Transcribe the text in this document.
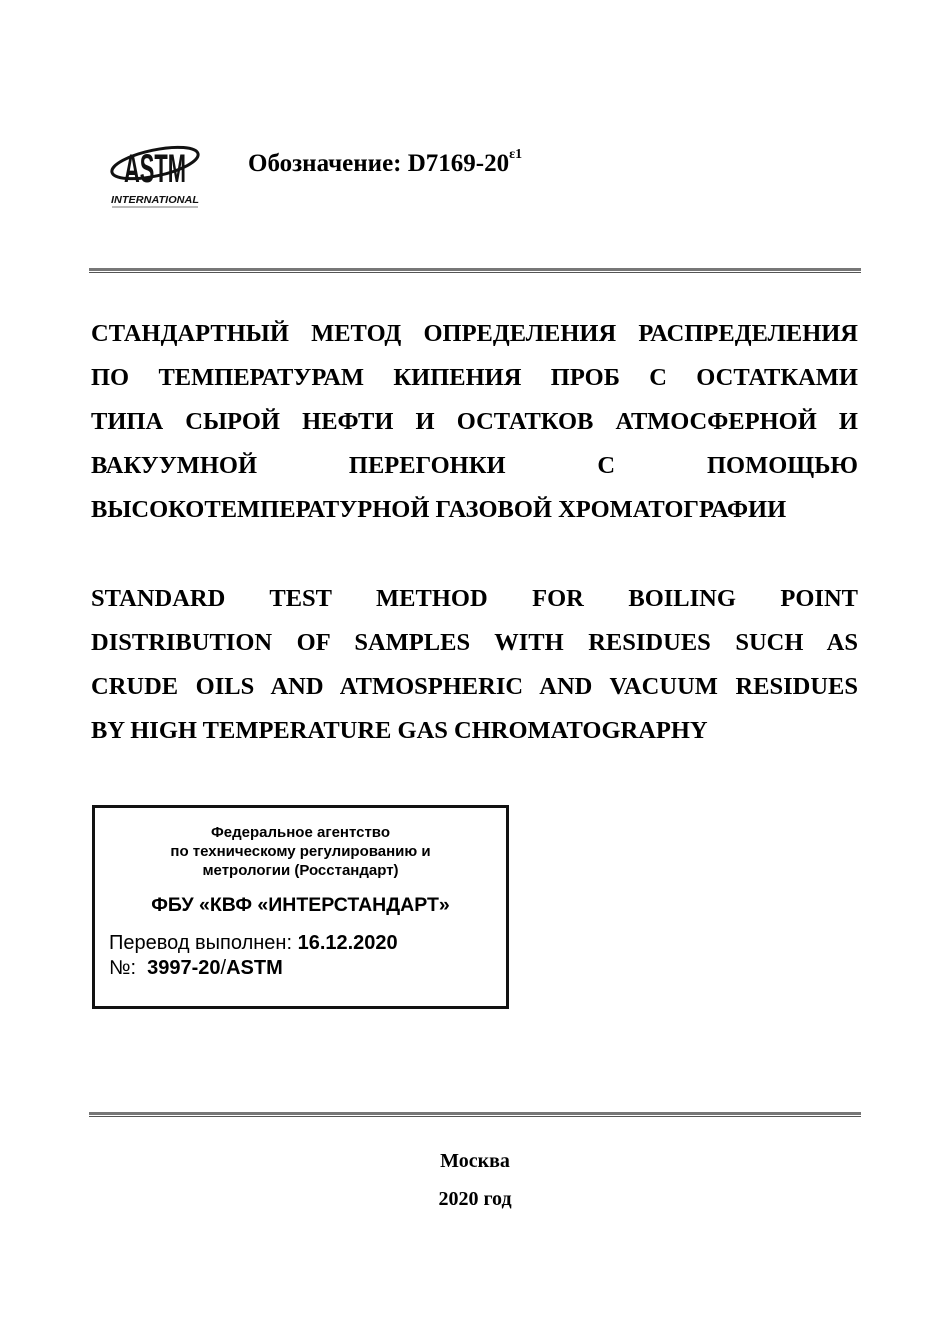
ASTM
INTERNATIONAL
Обозначение: $D7169-20^{\varepsilon 1}$
СТАНДАРТНЫЙ МЕТОД ОПРЕДЕЛЕНИЯ РАСПРЕДЕЛЕНИЯ
ПО ТЕМПЕРАТУРАМ КИПЕНИЯ ПРОБ С ОСТАТКАМИ
ТИПА СЫРОЙ НЕФТИ И ОСТАТКОВ АТМОСФЕРНОЙ И
ВАКУУМНОЙ ПЕРЕГОНКИ С ПОМОЩЬЮ
ВЫСОКОТЕМПЕРАТУРНОЙ ГАЗОВОЙ ХРОМАТОГРАФИИ
STANDARD TEST METHOD FOR BOILING POINT
DISTRIBUTION OF SAMPLES WITH RESIDUES SUCH AS
CRUDE OILS AND ATMOSPHERIC AND VACUUM RESIDUES
BY HIGH TEMPERATURE GAS CHROMATOGRAPHY
Федеральное агентство
по техническому регулированию и
метрологии (Росстандарт)
ФБУ «КВФ «ИНТЕРСТАНДАРТ»
Перевод выполнен: 16.12.2020
№:  3997-20/ASTM
Москва
2020 год
